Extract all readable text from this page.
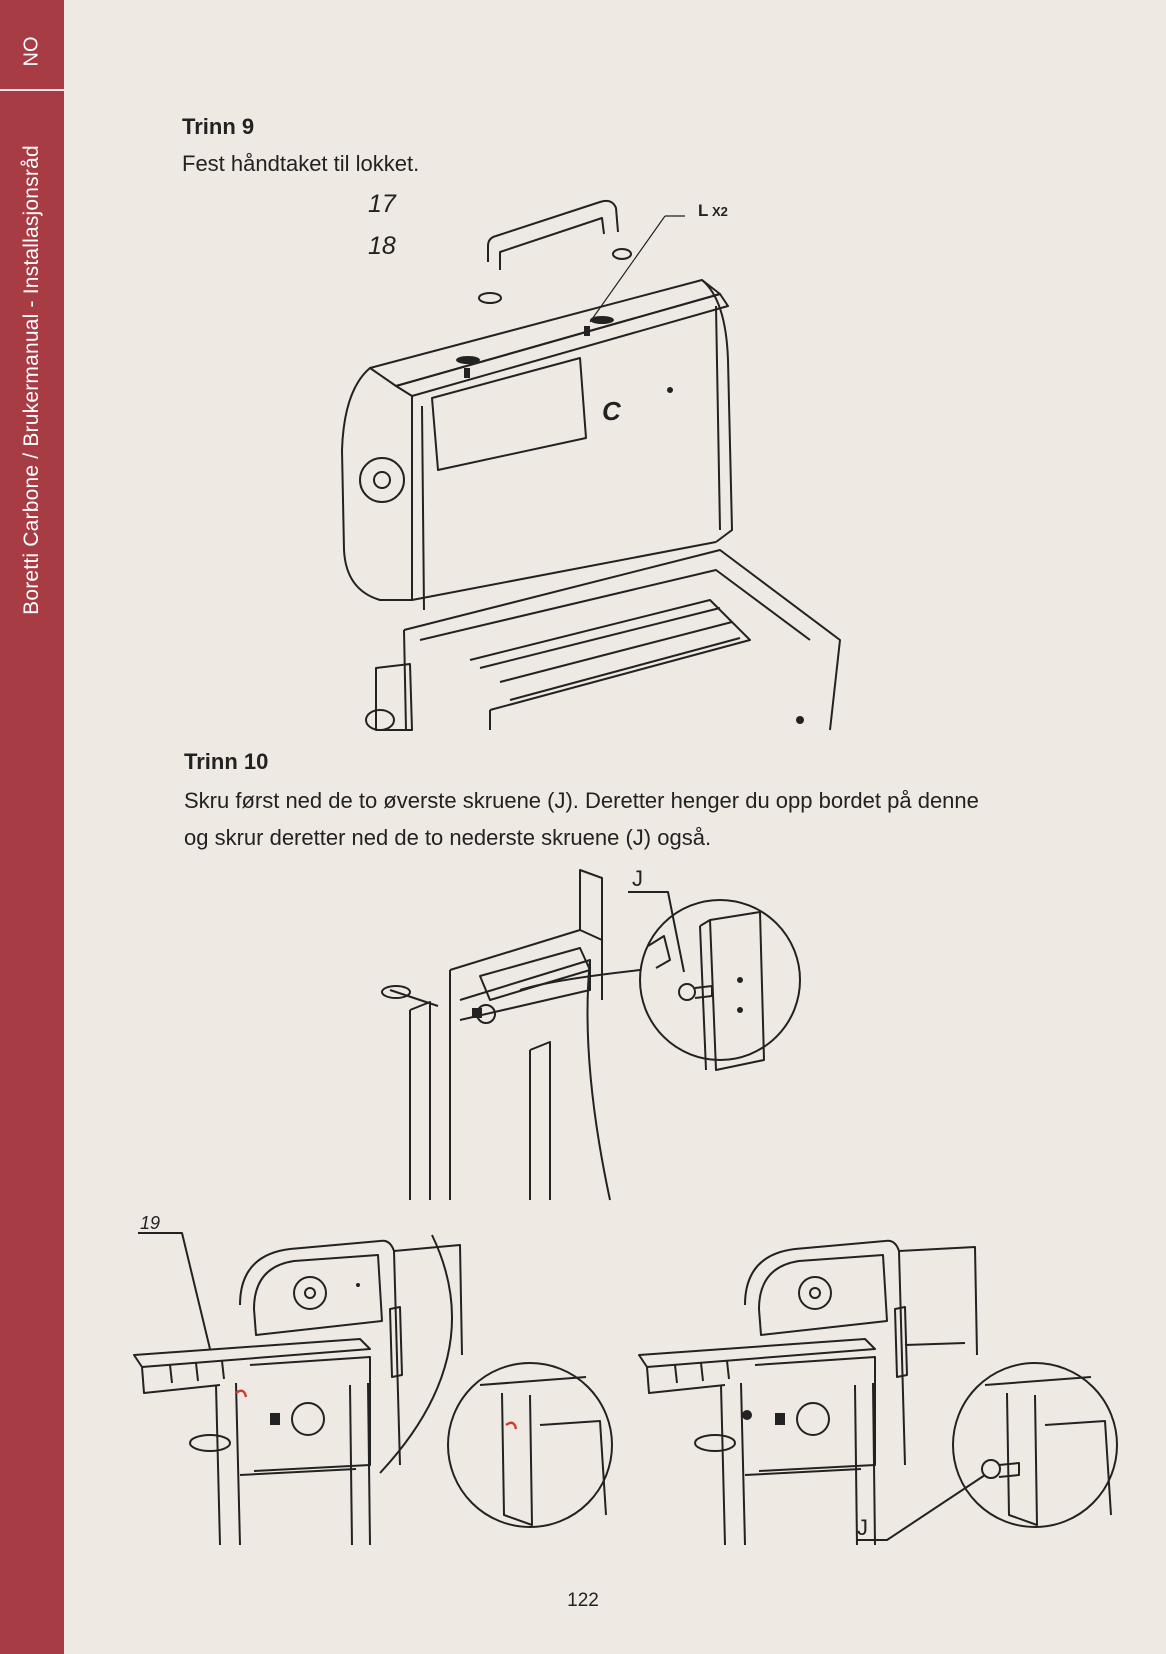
NO
Boretti Carbone / Brukermanual - Installasjonsråd
Trinn 9
Fest håndtaket til lokket.
17
18
L X2
C
Trinn 10
Skru først ned de to øverste skruene (J). Deretter henger du opp bordet på denne
og skrur deretter ned de to nederste skruene (J) også.
J
19
J
122
